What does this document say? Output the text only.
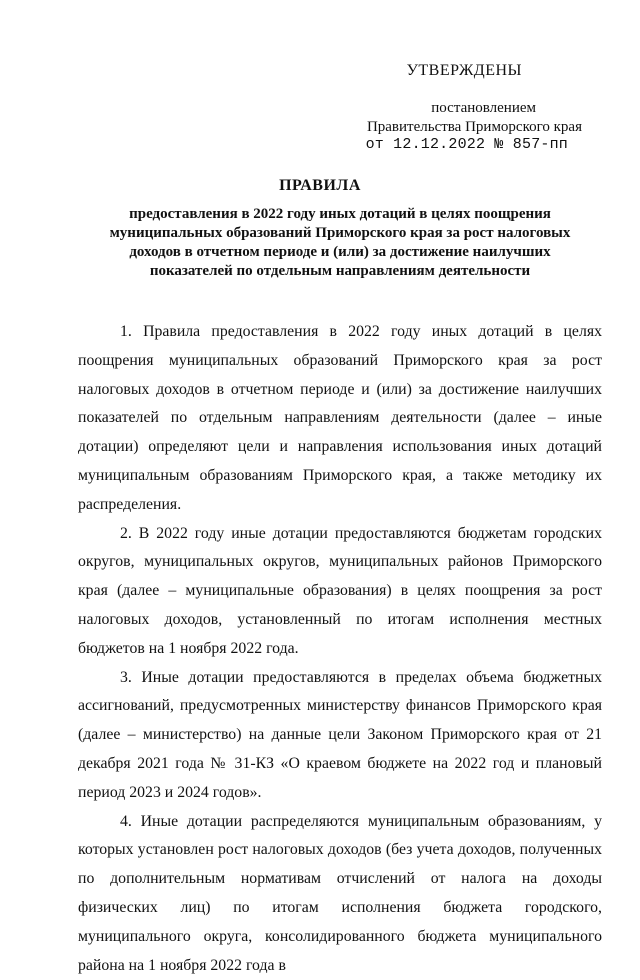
УТВЕРЖДЕНЫ
постановлением
Правительства Приморского края
от 12.12.2022 № 857-пп
ПРАВИЛА
предоставления в 2022 году иных дотаций в целях поощрения муниципальных образований Приморского края за рост налоговых доходов в отчетном периоде и (или) за достижение наилучших показателей по отдельным направлениям деятельности

1. Правила предоставления в 2022 году иных дотаций в целях поощрения муниципальных образований Приморского края за рост налоговых доходов в отчетном периоде и (или) за достижение наилучших показателей по отдельным направлениям деятельности (далее – иные дотации) определяют цели и направления использования иных дотаций муниципальным образованиям Приморского края, а также методику их распределения.

2. В 2022 году иные дотации предоставляются бюджетам городских округов, муниципальных округов, муниципальных районов Приморского края (далее – муниципальные образования) в целях поощрения за рост налоговых доходов, установленный по итогам исполнения местных бюджетов на 1 ноября 2022 года.

3. Иные дотации предоставляются в пределах объема бюджетных ассигнований, предусмотренных министерству финансов Приморского края (далее – министерство) на данные цели Законом Приморского края от 21 декабря 2021 года № 31-КЗ «О краевом бюджете на 2022 год и плановый период 2023 и 2024 годов».

4. Иные дотации распределяются муниципальным образованиям, у которых установлен рост налоговых доходов (без учета доходов, полученных по дополнительным нормативам отчислений от налога на доходы физических лиц) по итогам исполнения бюджета городского, муниципального округа, консолидированного бюджета муниципального района на 1 ноября 2022 года в
